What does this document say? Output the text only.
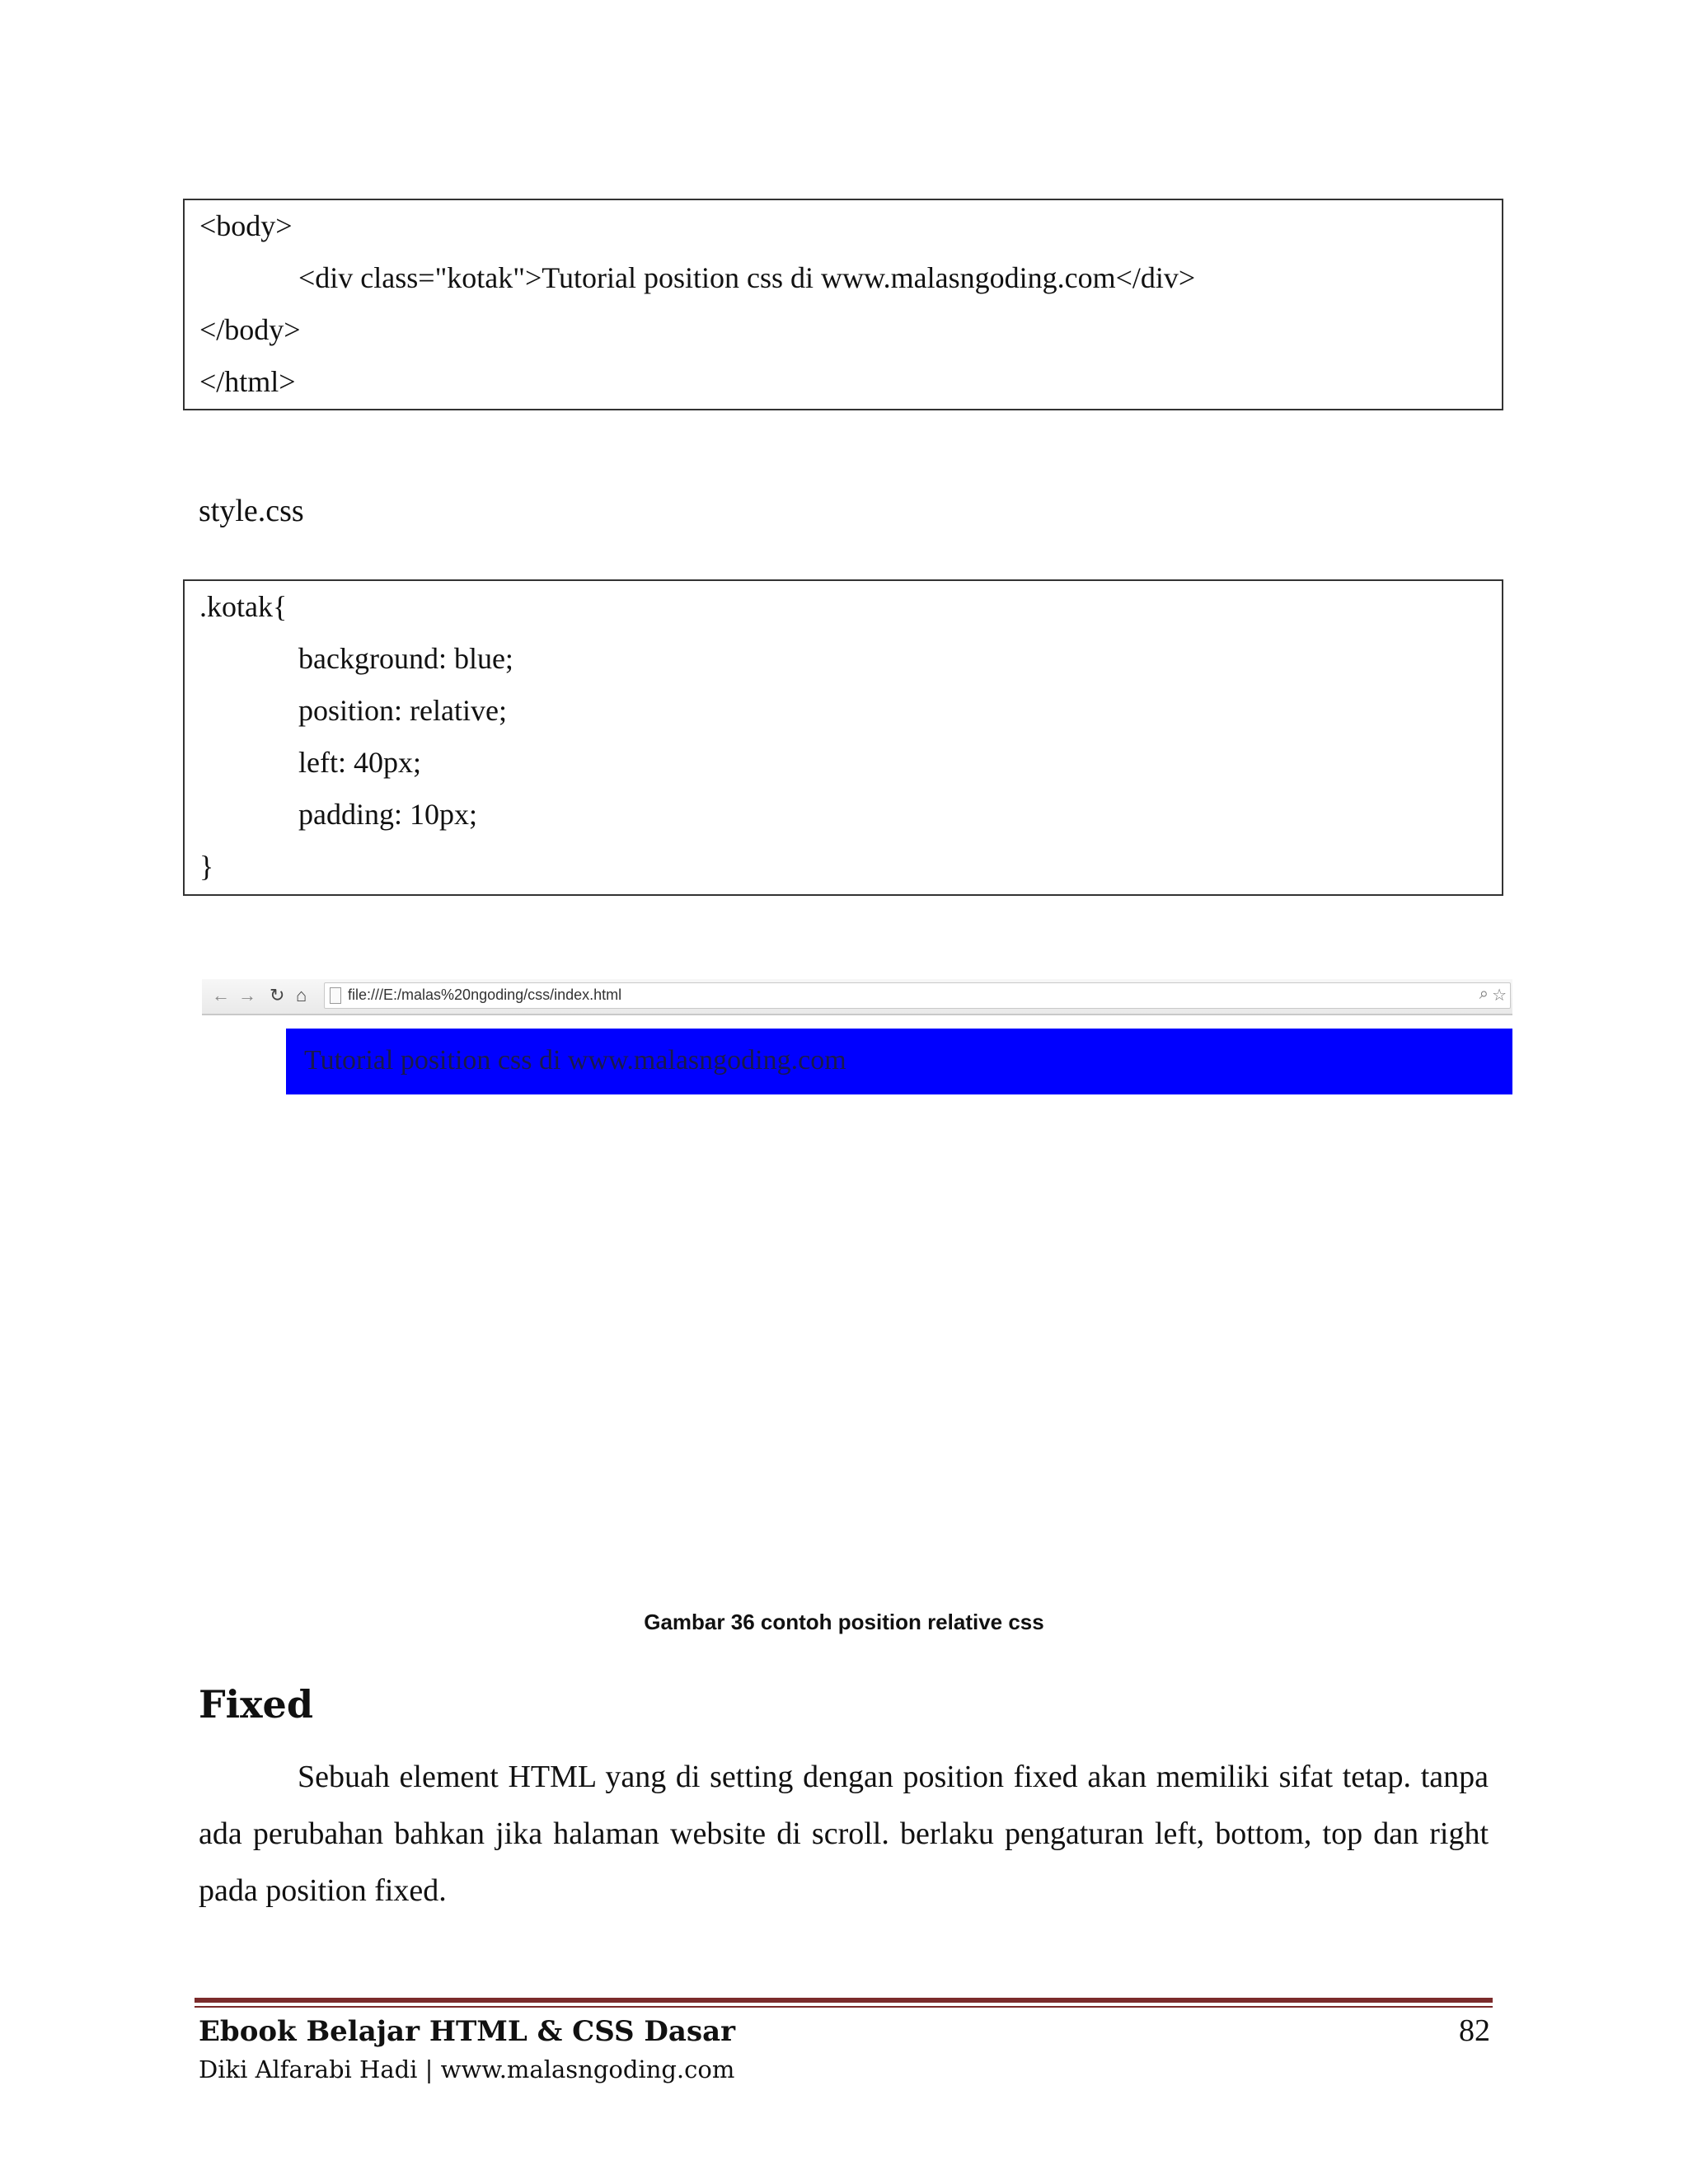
<body>
<div class="kotak">Tutorial position css di www.malasngoding.com</div>
</body>
</html>
style.css
.kotak{
background: blue;
position: relative;
left: 40px;
padding: 10px;
}
← → ↻ ⌂	file:///E:/malas%20ngoding/css/index.html	⌕ ☆
Tutorial position css di www.malasngoding.com
Gambar 36 contoh position relative css
Fixed
Sebuah element HTML yang di setting dengan position fixed akan memiliki sifat tetap. tanpa ada perubahan bahkan jika halaman website di scroll. berlaku pengaturan left, bottom, top dan right pada position fixed.
Ebook Belajar HTML & CSS Dasar
Diki Alfarabi Hadi | www.malasngoding.com
82
